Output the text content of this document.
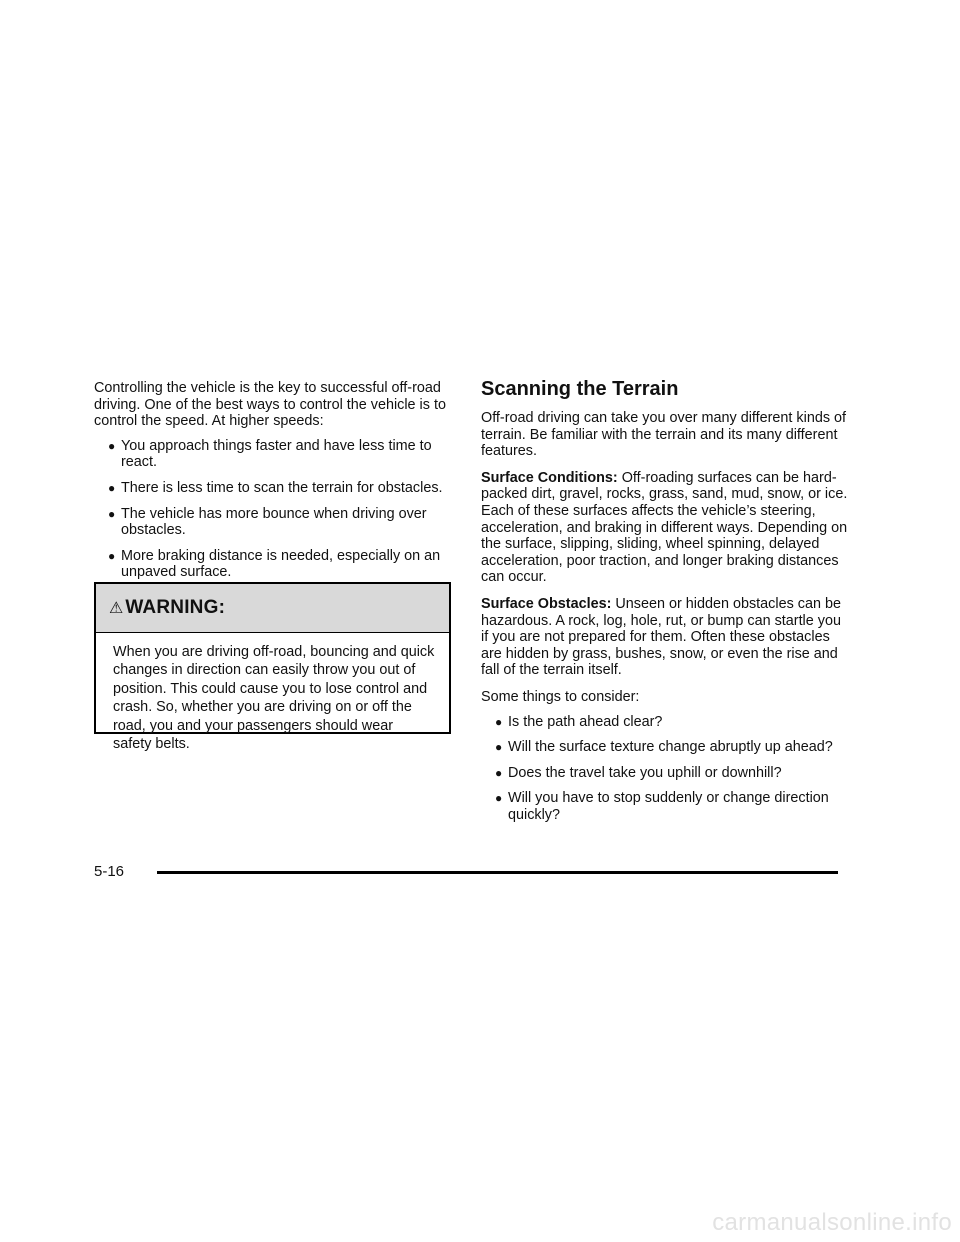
Controlling the vehicle is the key to successful off-road driving. One of the best ways to control the vehicle is to control the speed. At higher speeds:

● You approach things faster and have less time to react.
● There is less time to scan the terrain for obstacles.
● The vehicle has more bounce when driving over obstacles.
● More braking distance is needed, especially on an unpaved surface.
⚠ WARNING:
When you are driving off-road, bouncing and quick changes in direction can easily throw you out of position. This could cause you to lose control and crash. So, whether you are driving on or off the road, you and your passengers should wear safety belts.
Scanning the Terrain

Off-road driving can take you over many different kinds of terrain. Be familiar with the terrain and its many different features.

Surface Conditions: Off-roading surfaces can be hard-packed dirt, gravel, rocks, grass, sand, mud, snow, or ice. Each of these surfaces affects the vehicle’s steering, acceleration, and braking in different ways. Depending on the surface, slipping, sliding, wheel spinning, delayed acceleration, poor traction, and longer braking distances can occur.

Surface Obstacles: Unseen or hidden obstacles can be hazardous. A rock, log, hole, rut, or bump can startle you if you are not prepared for them. Often these obstacles are hidden by grass, bushes, snow, or even the rise and fall of the terrain itself.

Some things to consider:

● Is the path ahead clear?
● Will the surface texture change abruptly up ahead?
● Does the travel take you uphill or downhill?
● Will you have to stop suddenly or change direction quickly?
5-16
carmanualsonline.info
